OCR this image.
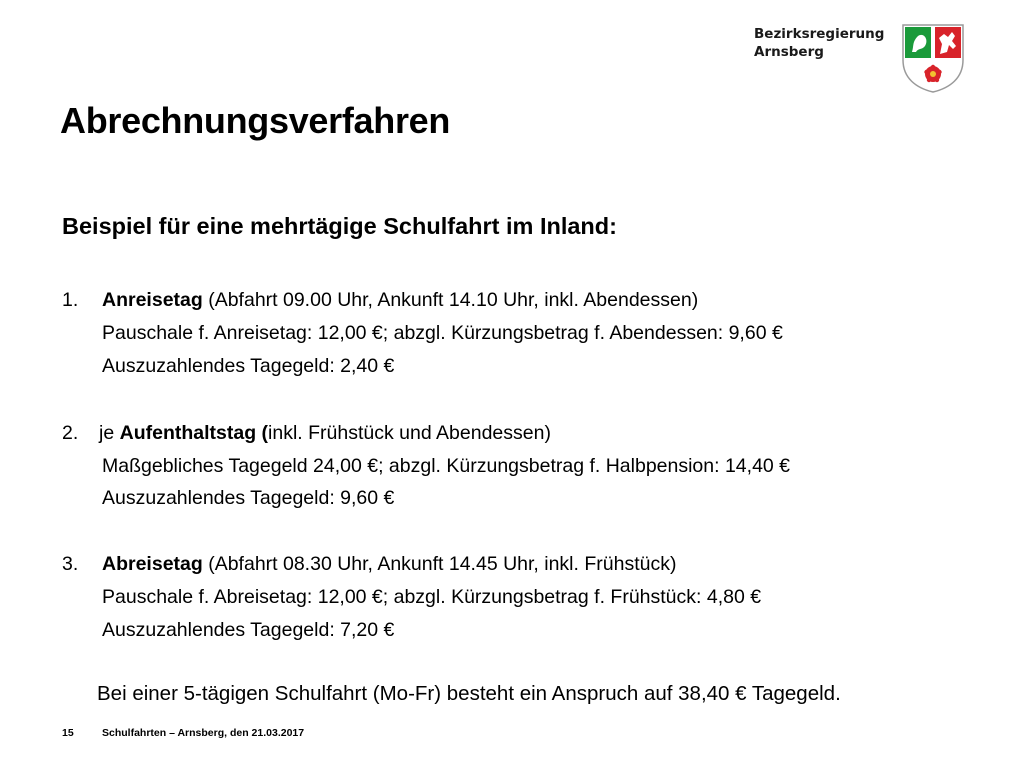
Bezirksregierung
Arnsberg
Abrechnungsverfahren
Beispiel für eine mehrtägige Schulfahrt im Inland:
1. Anreisetag (Abfahrt 09.00 Uhr, Ankunft 14.10 Uhr, inkl. Abendessen)
Pauschale f. Anreisetag: 12,00 €; abzgl. Kürzungsbetrag f. Abendessen: 9,60 €
Auszuzahlendes Tagegeld: 2,40 €
2. je Aufenthaltstag (inkl. Frühstück und Abendessen)
Maßgebliches Tagegeld 24,00 €; abzgl. Kürzungsbetrag f. Halbpension: 14,40 €
Auszuzahlendes Tagegeld: 9,60 €
3. Abreisetag (Abfahrt 08.30 Uhr, Ankunft 14.45 Uhr, inkl. Frühstück)
Pauschale f. Abreisetag: 12,00 €; abzgl. Kürzungsbetrag f. Frühstück: 4,80 €
Auszuzahlendes Tagegeld: 7,20 €
Bei einer 5-tägigen Schulfahrt (Mo-Fr) besteht ein Anspruch auf 38,40 € Tagegeld.
15	Schulfahrten – Arnsberg, den 21.03.2017
